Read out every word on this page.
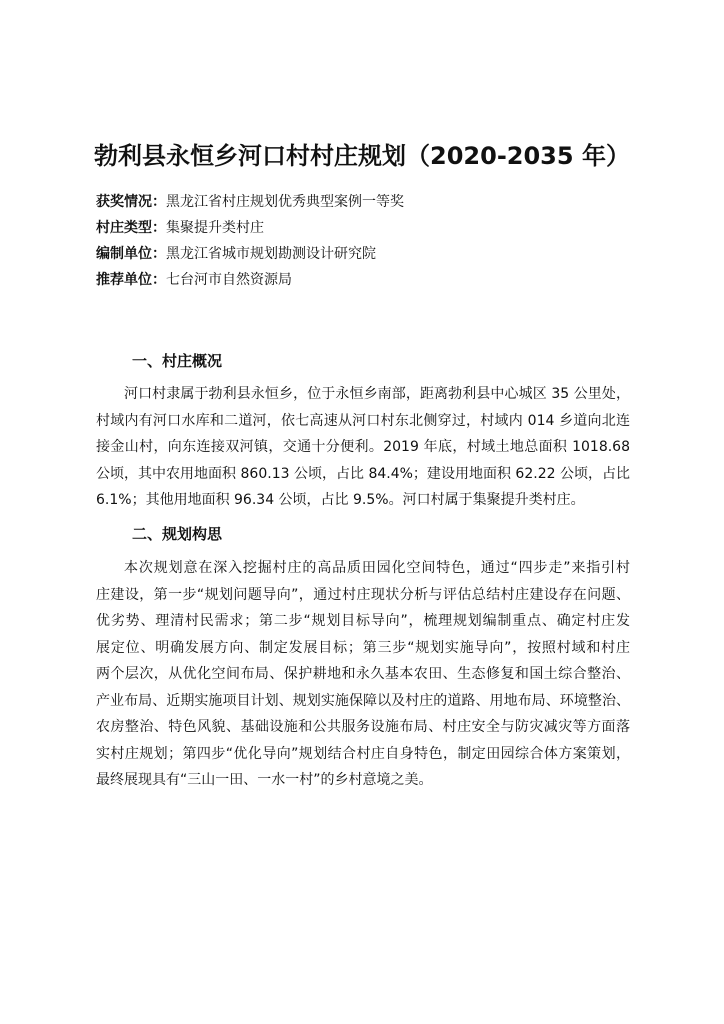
勃利县永恒乡河口村村庄规划（2020-2035 年）
获奖情况：黑龙江省村庄规划优秀典型案例一等奖
村庄类型：集聚提升类村庄
编制单位：黑龙江省城市规划勘测设计研究院
推荐单位：七台河市自然资源局
一、村庄概况
河口村隶属于勃利县永恒乡，位于永恒乡南部，距离勃利县中心城区 35 公里处，
村域内有河口水库和二道河，依七高速从河口村东北侧穿过，村域内 014 乡道向北连
接金山村，向东连接双河镇，交通十分便利。2019 年底，村域土地总面积 1018.68
公顷，其中农用地面积 860.13 公顷，占比 84.4%；建设用地面积 62.22 公顷，占比
6.1%；其他用地面积 96.34 公顷，占比 9.5%。河口村属于集聚提升类村庄。
二、规划构思
本次规划意在深入挖掘村庄的高品质田园化空间特色，通过“四步走”来指引村
庄建设，第一步“规划问题导向”，通过村庄现状分析与评估总结村庄建设存在问题、
优劣势、理清村民需求；第二步“规划目标导向”，梳理规划编制重点、确定村庄发
展定位、明确发展方向、制定发展目标；第三步“规划实施导向”，按照村域和村庄
两个层次，从优化空间布局、保护耕地和永久基本农田、生态修复和国土综合整治、
产业布局、近期实施项目计划、规划实施保障以及村庄的道路、用地布局、环境整治、
农房整治、特色风貌、基础设施和公共服务设施布局、村庄安全与防灾减灾等方面落
实村庄规划；第四步“优化导向”规划结合村庄自身特色，制定田园综合体方案策划，
最终展现具有“三山一田、一水一村”的乡村意境之美。
